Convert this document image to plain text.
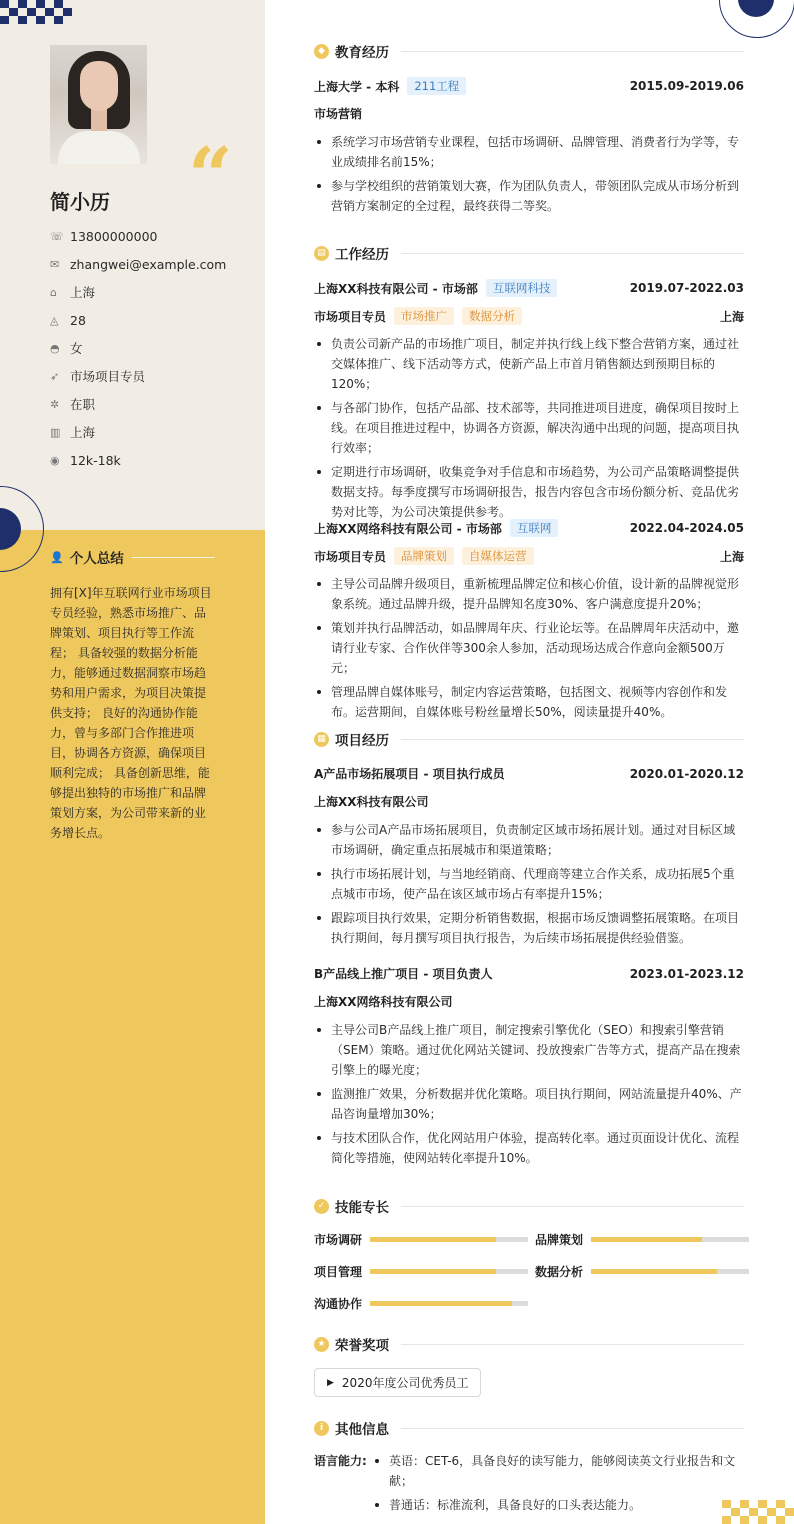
“
简小历
☏ 13800000000
✉ zhangwei@example.com
⌂	上海
◬ 28
◓ 女
➶ 市场项目专员
✲ 在职
▥ 上海
◉ 12k-18k
👤 个人总结
拥有[X]年互联网行业市场项目专员经验，熟悉市场推广、品牌策划、项目执行等工作流程； 具备较强的数据分析能力，能够通过数据洞察市场趋势和用户需求，为项目决策提供支持； 良好的沟通协作能力，曾与多部门合作推进项目，协调各方资源，确保项目顺利完成； 具备创新思维，能够提出独特的市场推广和品牌策划方案，为公司带来新的业务增长点。
◆ 教育经历
上海大学 - 本科	211工程	2015.09-2019.06
市场营销
系统学习市场营销专业课程，包括市场调研、品牌管理、消费者行为学等，专业成绩排名前15%；
参与学校组织的营销策划大赛，作为团队负责人，带领团队完成从市场分析到营销方案制定的全过程，最终获得二等奖。
▤ 工作经历
上海XX科技有限公司 - 市场部	互联网科技	2019.07-2022.03
市场项目专员	市场推广	数据分析	上海
负责公司新产品的市场推广项目，制定并执行线上线下整合营销方案，通过社交媒体推广、线下活动等方式，使新产品上市首月销售额达到预期目标的120%；
与各部门协作，包括产品部、技术部等，共同推进项目进度，确保项目按时上线。在项目推进过程中，协调各方资源，解决沟通中出现的问题，提高项目执行效率；
定期进行市场调研，收集竞争对手信息和市场趋势，为公司产品策略调整提供数据支持。每季度撰写市场调研报告，报告内容包含市场份额分析、竞品优劣势对比等，为公司决策提供参考。
上海XX网络科技有限公司 - 市场部	互联网	2022.04-2024.05
市场项目专员	品牌策划	自媒体运营	上海
主导公司品牌升级项目，重新梳理品牌定位和核心价值，设计新的品牌视觉形象系统。通过品牌升级，提升品牌知名度30%、客户满意度提升20%；
策划并执行品牌活动，如品牌周年庆、行业论坛等。在品牌周年庆活动中，邀请行业专家、合作伙伴等300余人参加，活动现场达成合作意向金额500万元；
管理品牌自媒体账号，制定内容运营策略，包括图文、视频等内容创作和发布。运营期间，自媒体账号粉丝量增长50%，阅读量提升40%。
▦ 项目经历
A产品市场拓展项目 - 项目执行成员	2020.01-2020.12
上海XX科技有限公司
参与公司A产品市场拓展项目，负责制定区域市场拓展计划。通过对目标区域市场调研，确定重点拓展城市和渠道策略；
执行市场拓展计划，与当地经销商、代理商等建立合作关系，成功拓展5个重点城市市场，使产品在该区域市场占有率提升15%；
跟踪项目执行效果，定期分析销售数据，根据市场反馈调整拓展策略。在项目执行期间，每月撰写项目执行报告，为后续市场拓展提供经验借鉴。
B产品线上推广项目 - 项目负责人	2023.01-2023.12
上海XX网络科技有限公司
主导公司B产品线上推广项目，制定搜索引擎优化（SEO）和搜索引擎营销（SEM）策略。通过优化网站关键词、投放搜索广告等方式，提高产品在搜索引擎上的曝光度；
监测推广效果，分析数据并优化策略。项目执行期间，网站流量提升40%、产品咨询量增加30%；
与技术团队合作，优化网站用户体验，提高转化率。通过页面设计优化、流程简化等措施，使网站转化率提升10%。
✓ 技能专长
市场调研	品牌策划
项目管理	数据分析
沟通协作
★ 荣誉奖项
▶ 2020年度公司优秀员工
i 其他信息
语言能力:	英语：CET-6，具备良好的读写能力，能够阅读英文行业报告和文献；
普通话：标准流利，具备良好的口头表达能力。
